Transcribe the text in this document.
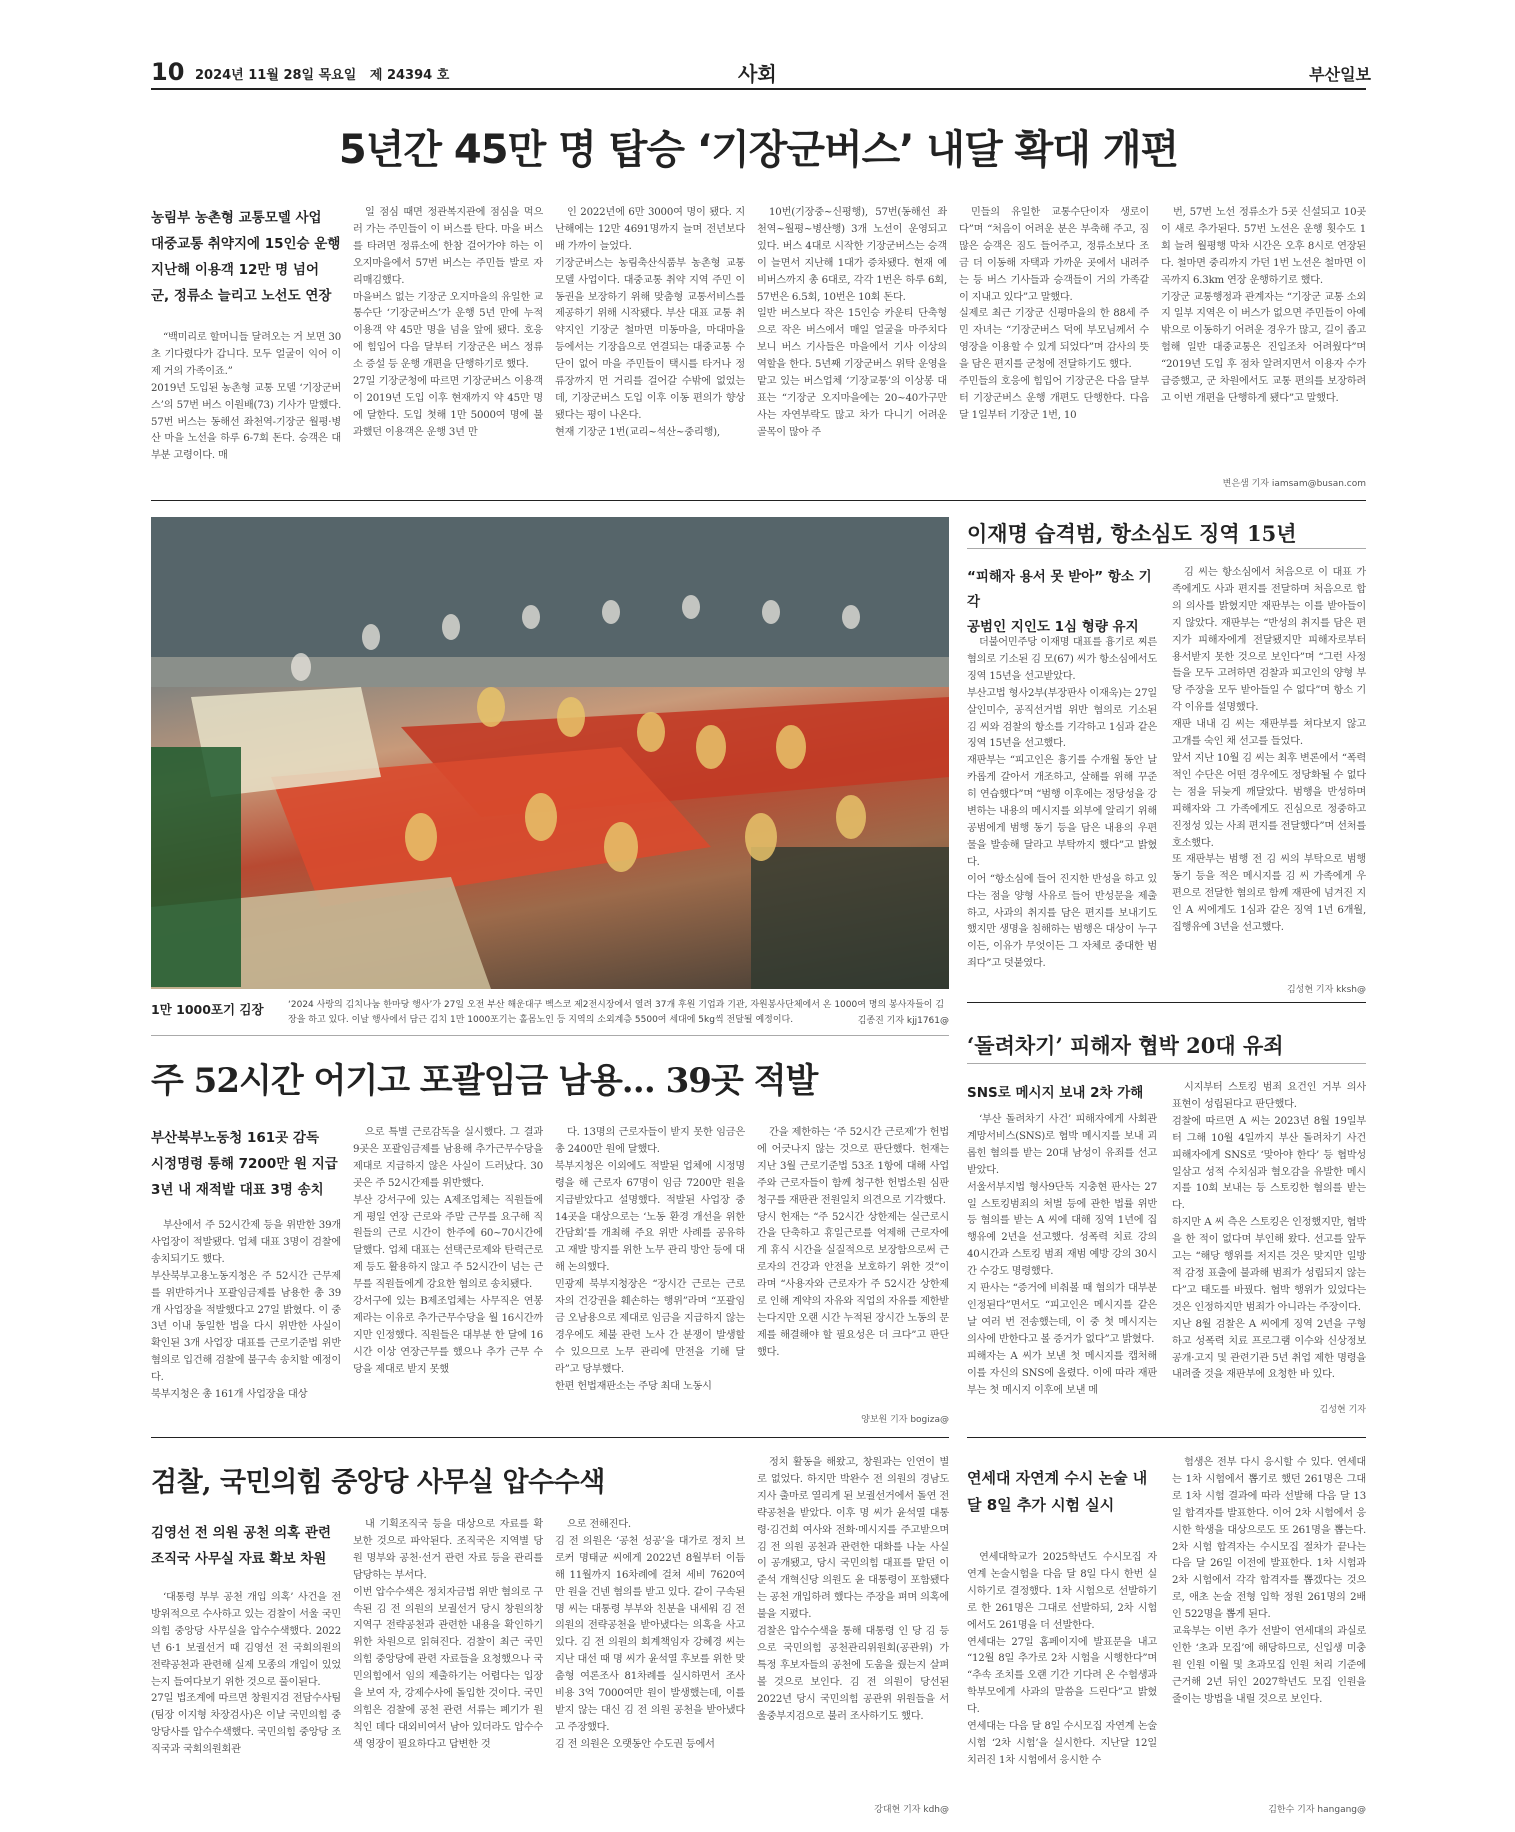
10 2024년 11월 28일 목요일   제 24394 호	사회	부산일보
5년간 45만 명 탑승 ‘기장군버스’ 내달 확대 개편
농림부 농촌형 교통모델 사업
대중교통 취약지에 15인승 운행
지난해 이용객 12만 명 넘어
군, 정류소 늘리고 노선도 연장

“백미리로 할머니들 달려오는 거 보면 30초 기다렸다가 갑니다. 모두 얼굴이 익어 이제 거의 가족이죠.”
2019년 도입된 농촌형 교통 모델 ‘기장군버스’의 57번 버스 이원배(73) 기사가 말했다. 57번 버스는 동해선 좌천역-기장군 월평·병산 마을 노선을 하루 6-7회 돈다. 승객은 대부분 고령이다. 매

일 점심 때면 정관복지관에 점심을 먹으러 가는 주민들이 이 버스를 탄다. 마을 버스를 타려면 정류소에 한참 걸어가야 하는 이 오지마을에서 57번 버스는 주민들 발로 자리매김했다.
마을버스 없는 기장군 오지마을의 유일한 교통수단 ‘기장군버스’가 운행 5년 만에 누적 이용객 약 45만 명을 넘을 앞에 됐다. 호응에 힘입어 다음 달부터 기장군은 버스 정류소 증설 등 운행 개편을 단행하기로 했다.
27일 기장군청에 따르면 기장군버스 이용객이 2019년 도입 이후 현재까지 약 45만 명에 달한다. 도입 첫해 1만 5000여 명에 불과했던 이용객은 운행 3년 만

인 2022년에 6만 3000여 명이 됐다. 지난해에는 12만 4691명까지 늘며 전년보다 배 가까이 늘었다.
기장군버스는 농림축산식품부 농촌형 교통모델 사업이다. 대중교통 취약 지역 주민 이동권을 보장하기 위해 맞춤형 교통서비스를 제공하기 위해 시작됐다. 부산 대표 교통 취약지인 기장군 철마면 미동마을, 마대마을 등에서는 기장읍으로 연결되는 대중교통 수단이 없어 마을 주민들이 택시를 타거나 정류장까지 먼 거리를 걸어갈 수밖에 없었는데, 기장군버스 도입 이후 이동 편의가 향상됐다는 평이 나온다.
현재 기장군 1번(교리~석산~중리행),

10번(기장중~신평행), 57번(동해선 좌천역~월평~병산행) 3개 노선이 운영되고 있다. 버스 4대로 시작한 기장군버스는 승객이 늘면서 지난해 1대가 증차됐다. 현재 예비버스까지 총 6대로, 각각 1번은 하루 6회, 57번은 6.5회, 10번은 10회 돈다.
일반 버스보다 작은 15인승 카운티 단축형으로 작은 버스에서 매일 얼굴을 마주치다 보니 버스 기사들은 마을에서 기사 이상의 역할을 한다. 5년째 기장군버스 위탁 운영을 맡고 있는 버스업체 ‘기장교통’의 이상봉 대표는 “기장군 오지마을에는 20~40가구만 사는 자연부락도 많고 차가 다니기 어려운 골목이 많아 주

민들의 유일한 교통수단이자 생로이다”며 “처음이 어려운 분은 부축해 주고, 짐 많은 승객은 짐도 들어주고, 정류소보다 조금 더 이동해 자택과 가까운 곳에서 내려주는 등 버스 기사들과 승객들이 거의 가족같이 지내고 있다”고 말했다.
실제로 최근 기장군 신평마을의 한 88세 주민 자녀는 “기장군버스 덕에 부모님께서 수영장을 이용할 수 있게 되었다”며 감사의 뜻을 담은 편지를 군청에 전달하기도 했다.
주민들의 호응에 힘입어 기장군은 다음 달부터 기장군버스 운행 개편도 단행한다. 다음 달 1일부터 기장군 1번, 10

번, 57번 노선 정류소가 5곳 신설되고 10곳이 새로 추가된다. 57번 노선은 운행 횟수도 1회 늘려 월평행 막차 시간은 오후 8시로 연장된다. 철마면 중리까지 가던 1번 노선은 철마면 이곡까지 6.3km 연장 운행하기로 했다.
기장군 교통행정과 관계자는 “기장군 교통 소외지 일부 지역은 이 버스가 없으면 주민들이 아예 밖으로 이동하기 어려운 경우가 많고, 길이 좁고 험해 일반 대중교통은 진입조차 어려웠다”며 “2019년 도입 후 점차 알려지면서 이용자 수가 급증했고, 군 차원에서도 교통 편의를 보장하려고 이번 개편을 단행하게 됐다”고 말했다.

변은샘 기자 iamsam@busan.com
1만 1000포기 김장	‘2024 사랑의 김치나눔 한마당 행사’가 27일 오전 부산 해운대구 벡스코 제2전시장에서 열려 37개 후원 기업과 기관, 자원봉사단체에서 온 1000여 명의 봉사자들이 김장을 하고 있다. 이날 행사에서 담근 김치 1만 1000포기는 홀몸노인 등 지역의 소외계층 5500여 세대에 5kg씩 전달될 예정이다.	김종진 기자 kjj1761@
이재명 습격범, 항소심도 징역 15년
“피해자 용서 못 받아” 항소 기각
공범인 지인도 1심 형량 유지

더불어민주당 이재명 대표를 흉기로 찌른 혐의로 기소된 김 모(67) 씨가 항소심에서도 징역 15년을 선고받았다.
부산고법 형사2부(부장판사 이재욱)는 27일 살인미수, 공직선거법 위반 혐의로 기소된 김 씨와 검찰의 항소를 기각하고 1심과 같은 징역 15년을 선고했다.
재판부는 “피고인은 흉기를 수개월 동안 날카롭게 갈아서 개조하고, 살해를 위해 꾸준히 연습했다”며 “범행 이후에는 정당성을 강변하는 내용의 메시지를 외부에 알리기 위해 공범에게 범행 동기 등을 담은 내용의 우편물을 발송해 달라고 부탁까지 했다”고 밝혔다.
이어 “항소심에 들어 진지한 반성을 하고 있다는 점을 양형 사유로 들어 반성문을 제출하고, 사과의 취지를 담은 편지를 보내기도 했지만 생명을 침해하는 범행은 대상이 누구이든, 이유가 무엇이든 그 자체로 중대한 범죄다”고 덧붙였다.

김 씨는 항소심에서 처음으로 이 대표 가족에게도 사과 편지를 전달하며 처음으로 합의 의사를 밝혔지만 재판부는 이를 받아들이지 않았다. 재판부는 “반성의 취지를 담은 편지가 피해자에게 전달됐지만 피해자로부터 용서받지 못한 것으로 보인다”며 “그런 사정들을 모두 고려하면 검찰과 피고인의 양형 부당 주장을 모두 받아들일 수 없다”며 항소 기각 이유를 설명했다.
재판 내내 김 씨는 재판부를 쳐다보지 않고 고개를 숙인 채 선고를 들었다.
앞서 지난 10월 김 씨는 최후 변론에서 “폭력적인 수단은 어떤 경우에도 정당화될 수 없다는 점을 뒤늦게 깨달았다. 범행을 반성하며 피해자와 그 가족에게도 진심으로 정중하고 진정성 있는 사죄 편지를 전달했다”며 선처를 호소했다.
또 재판부는 범행 전 김 씨의 부탁으로 범행 동기 등을 적은 메시지를 김 씨 가족에게 우편으로 전달한 혐의로 함께 재판에 넘겨진 지인 A 씨에게도 1심과 같은 징역 1년 6개월, 집행유예 3년을 선고했다.

김성현 기자 kksh@
‘돌려차기’ 피해자 협박 20대 유죄
SNS로 메시지 보내 2차 가해

‘부산 돌려차기 사건’ 피해자에게 사회관계망서비스(SNS)로 협박 메시지를 보내 괴롭힌 혐의를 받는 20대 남성이 유죄를 선고받았다.
서울서부지법 형사9단독 지충현 판사는 27일 스토킹범죄의 처벌 등에 관한 법률 위반 등 혐의를 받는 A 씨에 대해 징역 1년에 집행유예 2년을 선고했다. 성폭력 치료 강의 40시간과 스토킹 범죄 재범 예방 강의 30시간 수강도 명령했다.
지 판사는 “증거에 비춰볼 때 혐의가 대부분 인정된다”면서도 “피고인은 메시지를 같은 날 여러 번 전송했는데, 이 중 첫 메시지는 의사에 반한다고 볼 증거가 없다”고 밝혔다.
피해자는 A 씨가 보낸 첫 메시지를 캡처해 이를 자신의 SNS에 올렸다. 이에 따라 재판부는 첫 메시지 이후에 보낸 메

시지부터 스토킹 범죄 요건인 거부 의사 표현이 성립된다고 판단했다.
검찰에 따르면 A 씨는 2023년 8월 19일부터 그해 10월 4일까지 부산 돌려차기 사건 피해자에게 SNS로 ‘맞아야 한다’ 등 협박성 일삼고 성적 수치심과 혐오감을 유발한 메시지를 10회 보내는 등 스토킹한 혐의를 받는다.
하지만 A 씨 측은 스토킹은 인정했지만, 협박을 한 적이 없다며 부인해 왔다. 선고를 앞두고는 “해당 행위를 저지른 것은 맞지만 일방적 감정 표출에 불과해 범죄가 성립되지 않는다”고 태도를 바꿨다. 협박 행위가 있었다는 것은 인정하지만 범죄가 아니라는 주장이다.
지난 8월 검찰은 A 씨에게 징역 2년을 구형하고 성폭력 치료 프로그램 이수와 신상정보 공개·고지 및 관련기관 5년 취업 제한 명령을 내려줄 것을 재판부에 요청한 바 있다.

김성현 기자
주 52시간 어기고 포괄임금 남용… 39곳 적발
부산북부노동청 161곳 감독
시정명령 통해 7200만 원 지급
3년 내 재적발 대표 3명 송치

부산에서 주 52시간제 등을 위반한 39개 사업장이 적발됐다. 업체 대표 3명이 검찰에 송치되기도 했다.
부산북부고용노동지청은 주 52시간 근무제를 위반하거나 포괄임금제를 남용한 총 39개 사업장을 적발했다고 27일 밝혔다. 이 중 3년 이내 동일한 법을 다시 위반한 사실이 확인된 3개 사업장 대표를 근로기준법 위반 혐의로 입건해 검찰에 불구속 송치할 예정이다.
북부지청은 총 161개 사업장을 대상

으로 특별 근로감독을 실시했다. 그 결과 9곳은 포괄임금제를 남용해 추가근무수당을 제대로 지급하지 않은 사실이 드러났다. 30곳은 주 52시간제를 위반했다.
부산 강서구에 있는 A제조업체는 직원들에게 평일 연장 근로와 주말 근무를 요구해 직원들의 근로 시간이 한주에 60~70시간에 달했다. 업체 대표는 선택근로제와 탄력근로제 등도 활용하지 않고 주 52시간이 넘는 근무를 직원들에게 강요한 혐의로 송치됐다.
강서구에 있는 B제조업체는 사무직은 연봉제라는 이유로 추가근무수당을 월 16시간까지만 인정했다. 직원들은 대부분 한 달에 16시간 이상 연장근무를 했으나 추가 근무 수당을 제대로 받지 못했

다. 13명의 근로자들이 받지 못한 임금은 총 2400만 원에 달했다.
북부지청은 이외에도 적발된 업체에 시정명령을 해 근로자 67명이 임금 7200만 원을 지급받았다고 설명했다. 적발된 사업장 중 14곳을 대상으로는 ‘노동 환경 개선을 위한 간담회’를 개최해 주요 위반 사례를 공유하고 재발 방지를 위한 노무 관리 방안 등에 대해 논의했다.
민광제 북부지청장은 “장시간 근로는 근로자의 건강권을 훼손하는 행위”라며 “포괄임금 오남용으로 제대로 임금을 지급하지 않는 경우에도 체불 관련 노사 간 분쟁이 발생할 수 있으므로 노무 관리에 만전을 기해 달라”고 당부했다.
한편 헌법재판소는 주당 최대 노동시

간을 제한하는 ‘주 52시간 근로제’가 헌법에 어긋나지 않는 것으로 판단했다. 헌재는 지난 3월 근로기준법 53조 1항에 대해 사업주와 근로자들이 함께 청구한 헌법소원 심판 청구를 재판관 전원일치 의견으로 기각했다.
당시 헌재는 “주 52시간 상한제는 실근로시간을 단축하고 휴일근로를 억제해 근로자에게 휴식 시간을 실질적으로 보장함으로써 근로자의 건강과 안전을 보호하기 위한 것”이라며 “사용자와 근로자가 주 52시간 상한제로 인해 계약의 자유와 직업의 자유를 제한받는다지만 오랜 시간 누적된 장시간 노동의 문제를 해결해야 할 필요성은 더 크다”고 판단했다.

양보원 기자 bogiza@
검찰, 국민의힘 중앙당 사무실 압수수색
김영선 전 의원 공천 의혹 관련
조직국 사무실 자료 확보 차원

‘대통령 부부 공천 개입 의혹’ 사건을 전방위적으로 수사하고 있는 검찰이 서울 국민의힘 중앙당 사무실을 압수수색했다. 2022년 6·1 보궐선거 때 김영선 전 국회의원의 전략공천과 관련해 실제 모종의 개입이 있었는지 들여다보기 위한 것으로 풀이된다.
27일 법조계에 따르면 창원지검 전담수사팀(팀장 이지형 차장검사)은 이날 국민의힘 중앙당사를 압수수색했다. 국민의힘 중앙당 조직국과 국회의원회관

내 기획조직국 등을 대상으로 자료를 확보한 것으로 파악된다. 조직국은 지역별 당원 명부와 공천·선거 관련 자료 등을 관리를 담당하는 부서다.
이번 압수수색은 정치자금법 위반 혐의로 구속된 김 전 의원의 보궐선거 당시 창원의창 지역구 전략공천과 관련한 내용을 확인하기 위한 차원으로 읽혀진다. 검찰이 최근 국민의힘 중앙당에 관련 자료들을 요청했으나 국민의힘에서 임의 제출하기는 어렵다는 입장을 보여 자, 강제수사에 돌입한 것이다. 국민의힘은 검찰에 공천 관련 서류는 폐기가 원칙인 데다 대외비여서 남아 있더라도 압수수색 영장이 필요하다고 답변한 것

으로 전해진다.
김 전 의원은 ‘공천 성공’을 대가로 정치 브로커 명태균 씨에게 2022년 8월부터 이듬해 11월까지 16차례에 걸쳐 세비 7620여만 원을 건넨 혐의를 받고 있다. 같이 구속된 명 씨는 대통령 부부와 친분을 내세워 김 전 의원의 전략공천을 받아냈다는 의혹을 사고 있다. 김 전 의원의 회계책임자 강혜경 씨는 지난 대선 때 명 씨가 윤석열 후보를 위한 맞춤형 여론조사 81차례를 실시하면서 조사 비용 3억 7000여만 원이 발생했는데, 이를 받지 않는 대신 김 전 의원 공천을 받아냈다고 주장했다.
김 전 의원은 오랫동안 수도권 등에서

정치 활동을 해왔고, 창원과는 인연이 별로 없었다. 하지만 박완수 전 의원의 경남도지사 출마로 열리게 된 보궐선거에서 돌연 전략공천을 받았다. 이후 명 씨가 윤석열 대통령·김건희 여사와 전화·메시지를 주고받으며 김 전 의원 공천과 관련한 대화를 나눈 사실이 공개됐고, 당시 국민의힘 대표를 맡던 이준석 개혁신당 의원도 윤 대통령이 포함됐다는 공천 개입하려 했다는 주장을 펴며 의혹에 불을 지폈다.
검찰은 압수수색을 통해 대통령 인 당 김 등으로 국민의힘 공천관리위원회(공관위) 가 특정 후보자들의 공천에 도움을 줬는지 살펴볼 것으로 보인다. 김 전 의원이 당선된 2022년 당시 국민의힘 공관위 위원들을 서울중부지검으로 불러 조사하기도 했다.

강대현 기자 kdh@
연세대 자연계 수시 논술 내달 8일 추가 시험 실시

연세대학교가 2025학년도 수시모집 자연계 논술시험을 다음 달 8일 다시 한번 실시하기로 결정했다. 1차 시험으로 선발하기로 한 261명은 그대로 선발하되, 2차 시험에서도 261명을 더 선발한다.
연세대는 27일 홈페이지에 발표문을 내고 “12월 8일 추가로 2차 시험을 시행한다”며 “추속 조치를 오랜 기간 기다려 온 수험생과 학부모에게 사과의 말씀을 드린다”고 밝혔다.
연세대는 다음 달 8일 수시모집 자연계 논술시험 ‘2차 시험’을 실시한다. 지난달 12일 치러진 1차 시험에서 응시한 수

험생은 전부 다시 응시할 수 있다. 연세대는 1차 시험에서 뽑기로 했던 261명은 그대로 1차 시험 결과에 따라 선발해 다음 달 13일 합격자를 발표한다. 이어 2차 시험에서 응시한 학생을 대상으로도 또 261명을 뽑는다. 2차 시험 합격자는 수시모집 절차가 끝나는 다음 달 26일 이전에 발표한다. 1차 시험과 2차 시험에서 각각 합격자를 뽑겠다는 것으로, 애초 논술 전형 입학 정원 261명의 2배인 522명을 뽑게 된다.
교육부는 이번 추가 선발이 연세대의 과실로 인한 ‘초과 모집’에 해당하므로, 신입생 미충원 인원 이월 및 초과모집 인원 처리 기준에 근거해 2년 뒤인 2027학년도 모집 인원을 줄이는 방법을 내릴 것으로 보인다.

김한수 기자 hangang@
